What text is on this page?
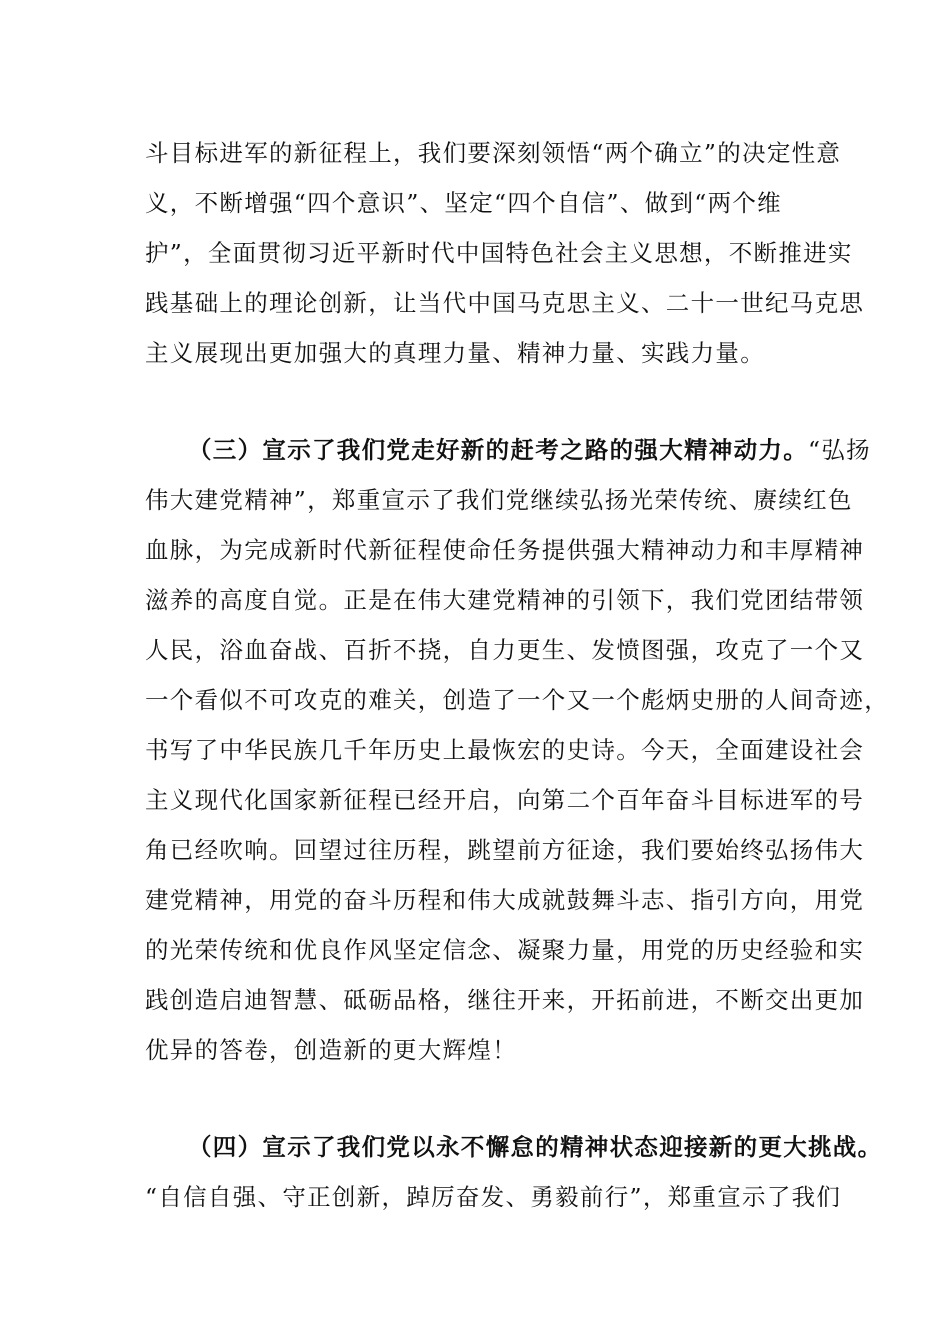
斗目标进军的新征程上，我们要深刻领悟“两个确立”的决定性意
义，不断增强“四个意识”、坚定“四个自信”、做到“两个维
护”，全面贯彻习近平新时代中国特色社会主义思想，不断推进实
践基础上的理论创新，让当代中国马克思主义、二十一世纪马克思
主义展现出更加强大的真理力量、精神力量、实践力量。
（三）宣示了我们党走好新的赶考之路的强大精神动力。“弘扬
伟大建党精神”，郑重宣示了我们党继续弘扬光荣传统、赓续红色
血脉，为完成新时代新征程使命任务提供强大精神动力和丰厚精神
滋养的高度自觉。正是在伟大建党精神的引领下，我们党团结带领
人民，浴血奋战、百折不挠，自力更生、发愤图强，攻克了一个又
一个看似不可攻克的难关，创造了一个又一个彪炳史册的人间奇迹，
书写了中华民族几千年历史上最恢宏的史诗。今天，全面建设社会
主义现代化国家新征程已经开启，向第二个百年奋斗目标进军的号
角已经吹响。回望过往历程，跳望前方征途，我们要始终弘扬伟大
建党精神，用党的奋斗历程和伟大成就鼓舞斗志、指引方向，用党
的光荣传统和优良作风坚定信念、凝聚力量，用党的历史经验和实
践创造启迪智慧、砥砺品格，继往开来，开拓前进，不断交出更加
优异的答卷，创造新的更大辉煌！
（四）宣示了我们党以永不懈怠的精神状态迎接新的更大挑战。
“自信自强、守正创新，踔厉奋发、勇毅前行”，郑重宣示了我们
